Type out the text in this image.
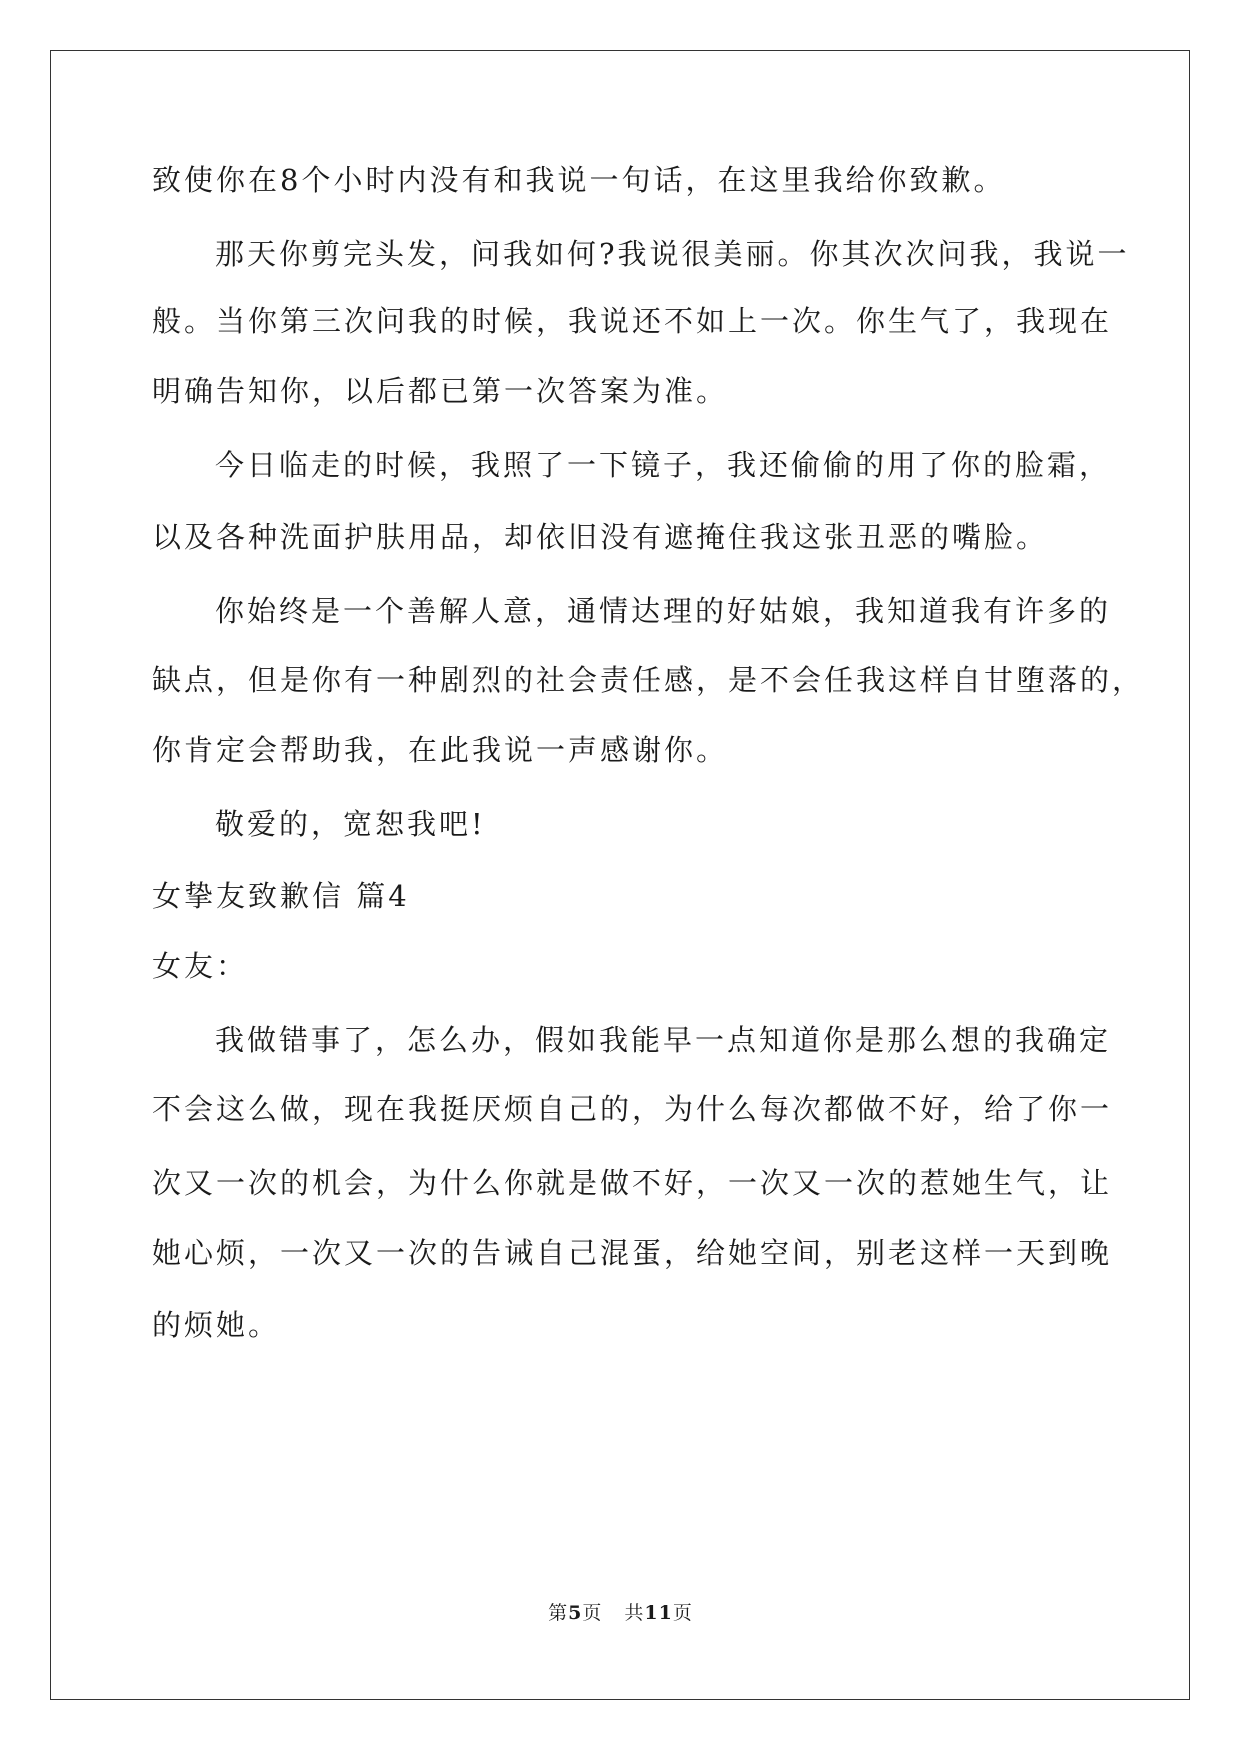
致使你在8个小时内没有和我说一句话，在这里我给你致歉。
那天你剪完头发，问我如何?我说很美丽。你其次次问我，我说一
般。当你第三次问我的时候，我说还不如上一次。你生气了，我现在
明确告知你，以后都已第一次答案为准。
今日临走的时候，我照了一下镜子，我还偷偷的用了你的脸霜，
以及各种洗面护肤用品，却依旧没有遮掩住我这张丑恶的嘴脸。
你始终是一个善解人意，通情达理的好姑娘，我知道我有许多的
缺点，但是你有一种剧烈的社会责任感，是不会任我这样自甘堕落的，
你肯定会帮助我，在此我说一声感谢你。
敬爱的，宽恕我吧!
女挚友致歉信 篇4
女友：
我做错事了，怎么办，假如我能早一点知道你是那么想的我确定
不会这么做，现在我挺厌烦自己的，为什么每次都做不好，给了你一
次又一次的机会，为什么你就是做不好，一次又一次的惹她生气，让
她心烦，一次又一次的告诫自己混蛋，给她空间，别老这样一天到晚
的烦她。
第5页 共11页
